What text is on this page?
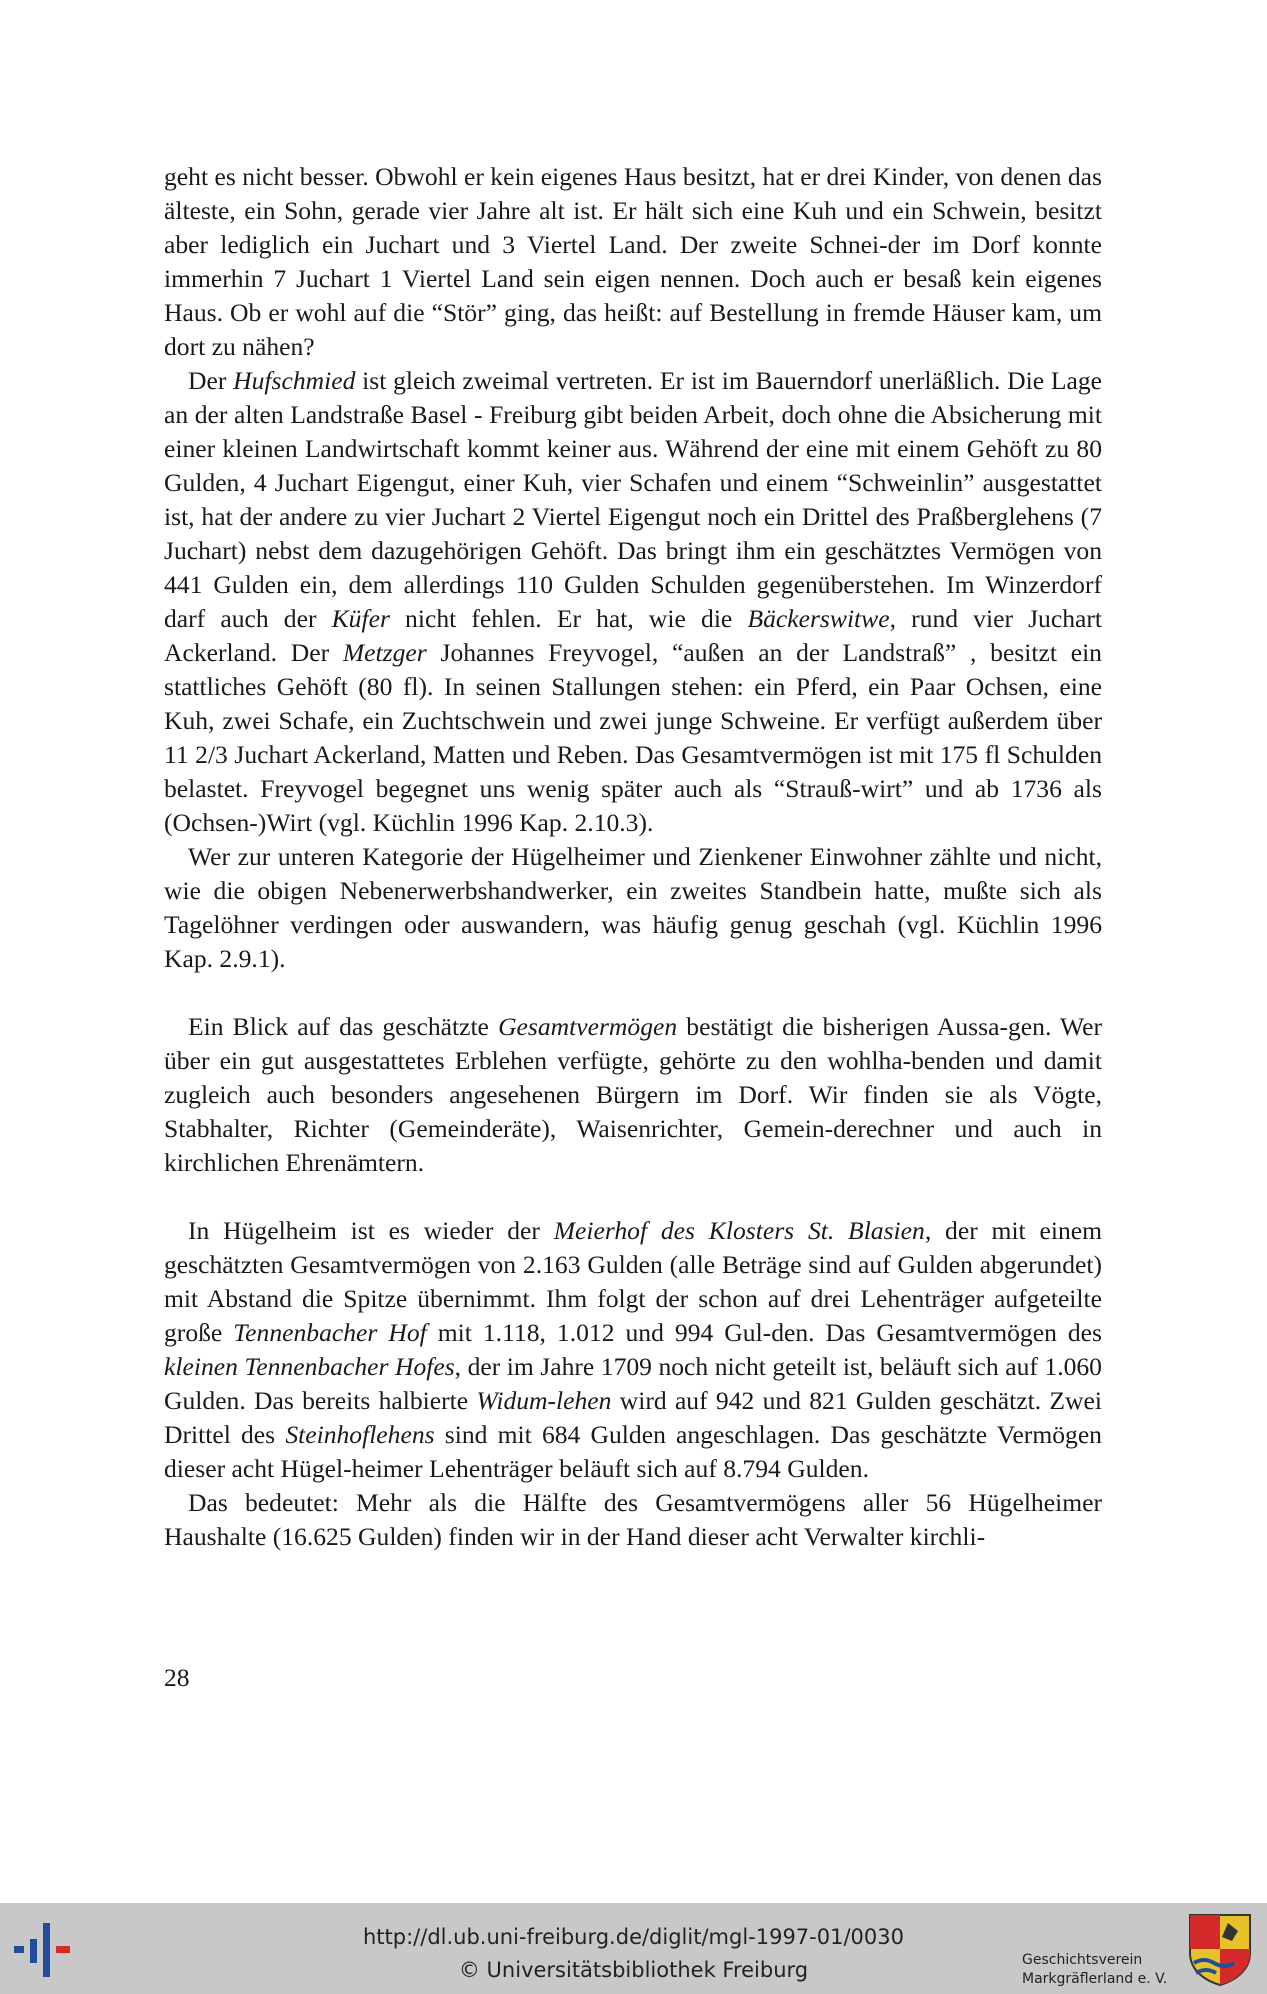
geht es nicht besser. Obwohl er kein eigenes Haus besitzt, hat er drei Kinder, von denen das älteste, ein Sohn, gerade vier Jahre alt ist. Er hält sich eine Kuh und ein Schwein, besitzt aber lediglich ein Juchart und 3 Viertel Land. Der zweite Schnei-der im Dorf konnte immerhin 7 Juchart 1 Viertel Land sein eigen nennen. Doch auch er besaß kein eigenes Haus. Ob er wohl auf die “Stör” ging, das heißt: auf Bestellung in fremde Häuser kam, um dort zu nähen?

Der Hufschmied ist gleich zweimal vertreten. Er ist im Bauerndorf unerläßlich. Die Lage an der alten Landstraße Basel - Freiburg gibt beiden Arbeit, doch ohne die Absicherung mit einer kleinen Landwirtschaft kommt keiner aus. Während der eine mit einem Gehöft zu 80 Gulden, 4 Juchart Eigengut, einer Kuh, vier Schafen und einem “Schweinlin” ausgestattet ist, hat der andere zu vier Juchart 2 Viertel Eigengut noch ein Drittel des Praßberglehens (7 Juchart) nebst dem dazugehörigen Gehöft. Das bringt ihm ein geschätztes Vermögen von 441 Gulden ein, dem allerdings 110 Gulden Schulden gegenüberstehen. Im Winzerdorf darf auch der Küfer nicht fehlen. Er hat, wie die Bäckerswitwe, rund vier Juchart Ackerland. Der Metzger Johannes Freyvogel, “außen an der Landstraß” , besitzt ein stattliches Gehöft (80 fl). In seinen Stallungen stehen: ein Pferd, ein Paar Ochsen, eine Kuh, zwei Schafe, ein Zuchtschwein und zwei junge Schweine. Er verfügt außerdem über 11 2/3 Juchart Ackerland, Matten und Reben. Das Gesamtvermögen ist mit 175 fl Schulden belastet. Freyvogel begegnet uns wenig später auch als “Strauß-wirt” und ab 1736 als (Ochsen-)Wirt (vgl. Küchlin 1996 Kap. 2.10.3).

Wer zur unteren Kategorie der Hügelheimer und Zienkener Einwohner zählte und nicht, wie die obigen Nebenerwerbshandwerker, ein zweites Standbein hatte, mußte sich als Tagelöhner verdingen oder auswandern, was häufig genug geschah (vgl. Küchlin 1996 Kap. 2.9.1).

Ein Blick auf das geschätzte Gesamtvermögen bestätigt die bisherigen Aussa-gen. Wer über ein gut ausgestattetes Erblehen verfügte, gehörte zu den wohlha-benden und damit zugleich auch besonders angesehenen Bürgern im Dorf. Wir finden sie als Vögte, Stabhalter, Richter (Gemeinderäte), Waisenrichter, Gemein-derechner und auch in kirchlichen Ehrenämtern.

In Hügelheim ist es wieder der Meierhof des Klosters St. Blasien, der mit einem geschätzten Gesamtvermögen von 2.163 Gulden (alle Beträge sind auf Gulden abgerundet) mit Abstand die Spitze übernimmt. Ihm folgt der schon auf drei Lehenträger aufgeteilte große Tennenbacher Hof mit 1.118, 1.012 und 994 Gul-den. Das Gesamtvermögen des kleinen Tennenbacher Hofes, der im Jahre 1709 noch nicht geteilt ist, beläuft sich auf 1.060 Gulden. Das bereits halbierte Widum-lehen wird auf 942 und 821 Gulden geschätzt. Zwei Drittel des Steinhoflehens sind mit 684 Gulden angeschlagen. Das geschätzte Vermögen dieser acht Hügel-heimer Lehenträger beläuft sich auf 8.794 Gulden.

Das bedeutet: Mehr als die Hälfte des Gesamtvermögens aller 56 Hügelheimer Haushalte (16.625 Gulden) finden wir in der Hand dieser acht Verwalter kirchli-

28
http://dl.ub.uni-freiburg.de/diglit/mgl-1997-01/0030
© Universitätsbibliothek Freiburg	Geschichtsverein
Markgräflerland e. V.
